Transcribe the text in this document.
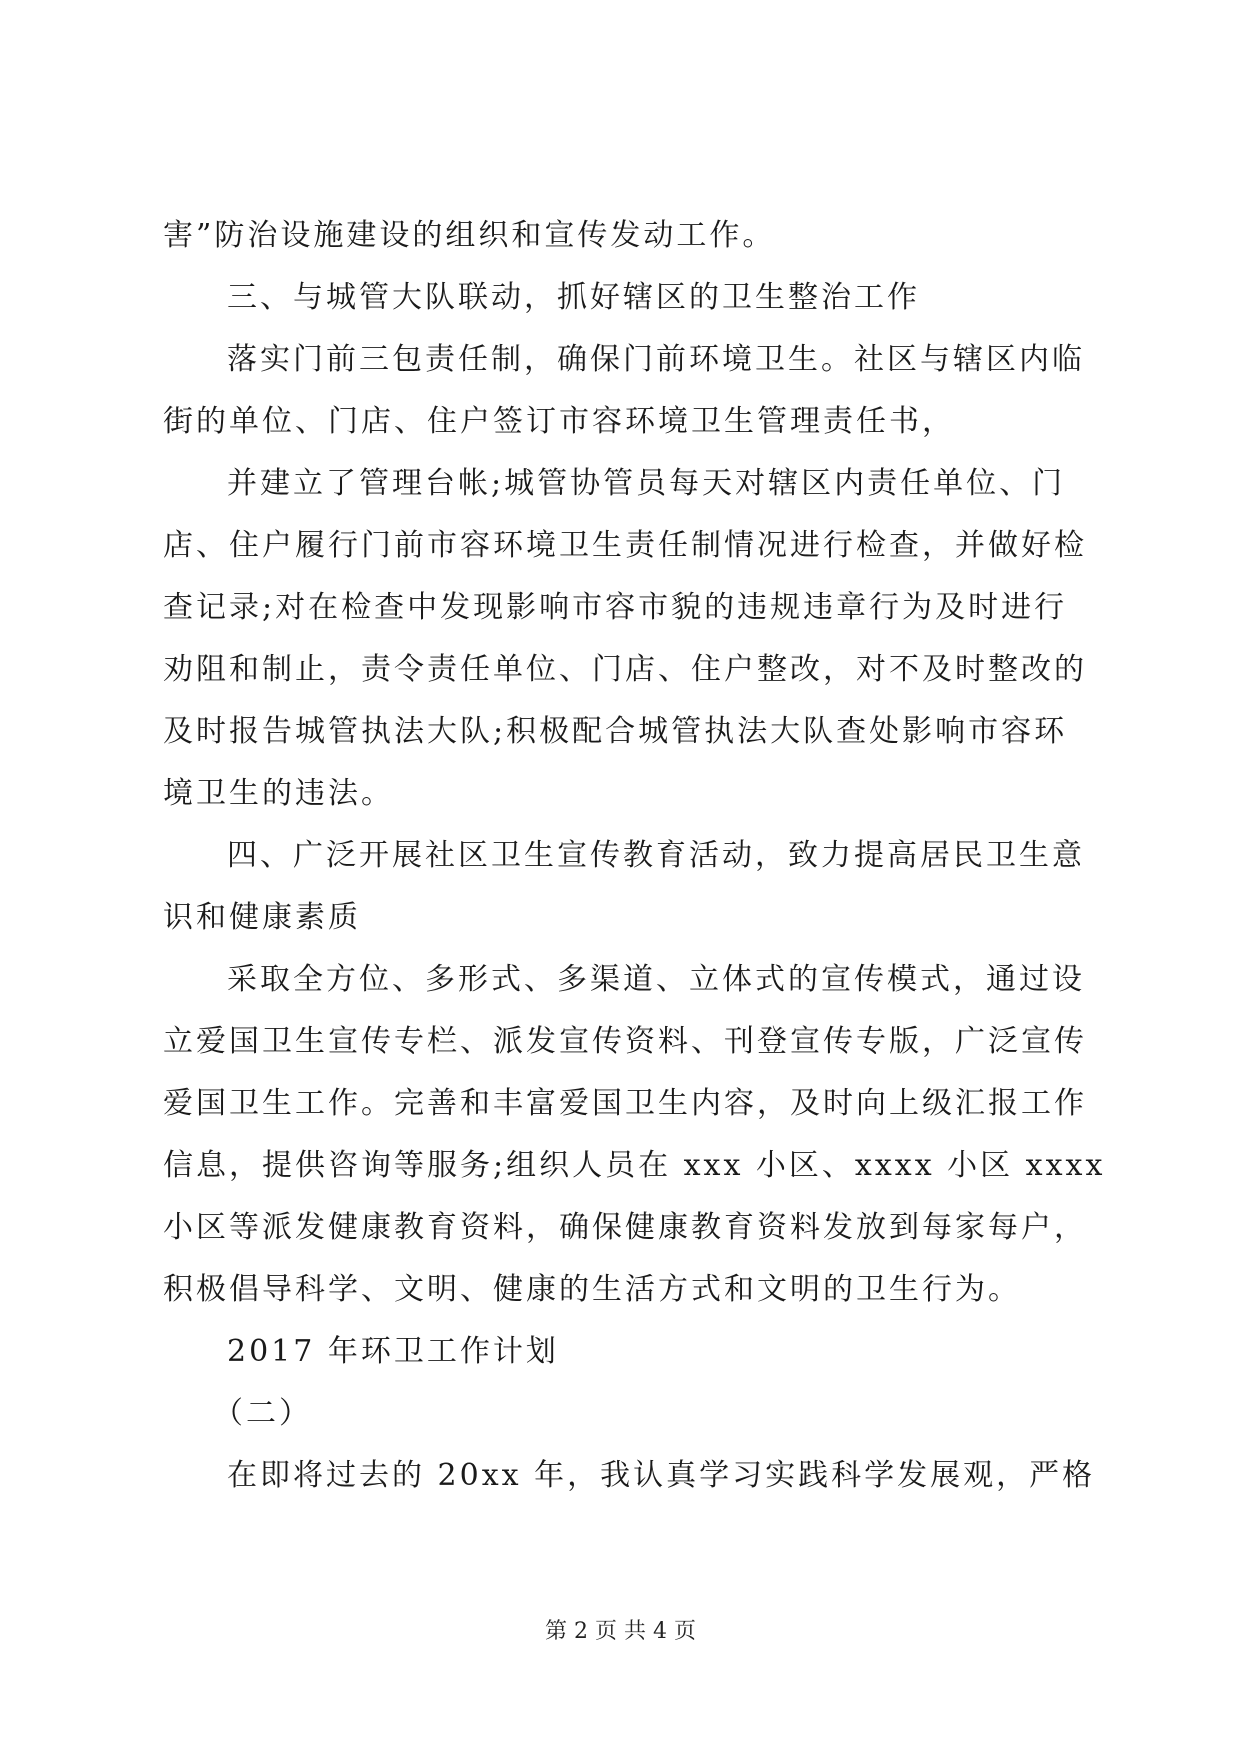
害”防治设施建设的组织和宣传发动工作。
三、与城管大队联动，抓好辖区的卫生整治工作
落实门前三包责任制，确保门前环境卫生。社区与辖区内临
街的单位、门店、住户签订市容环境卫生管理责任书，
并建立了管理台帐;城管协管员每天对辖区内责任单位、门
店、住户履行门前市容环境卫生责任制情况进行检查，并做好检
查记录;对在检查中发现影响市容市貌的违规违章行为及时进行
劝阻和制止，责令责任单位、门店、住户整改，对不及时整改的
及时报告城管执法大队;积极配合城管执法大队查处影响市容环
境卫生的违法。
四、广泛开展社区卫生宣传教育活动，致力提高居民卫生意
识和健康素质
采取全方位、多形式、多渠道、立体式的宣传模式，通过设
立爱国卫生宣传专栏、派发宣传资料、刊登宣传专版，广泛宣传
爱国卫生工作。完善和丰富爱国卫生内容，及时向上级汇报工作
信息，提供咨询等服务;组织人员在 xxx 小区、xxxx 小区 xxxx
小区等派发健康教育资料，确保健康教育资料发放到每家每户，
积极倡导科学、文明、健康的生活方式和文明的卫生行为。
2017 年环卫工作计划
（二）
在即将过去的 20xx 年，我认真学习实践科学发展观，严格
第 2 页 共 4 页
